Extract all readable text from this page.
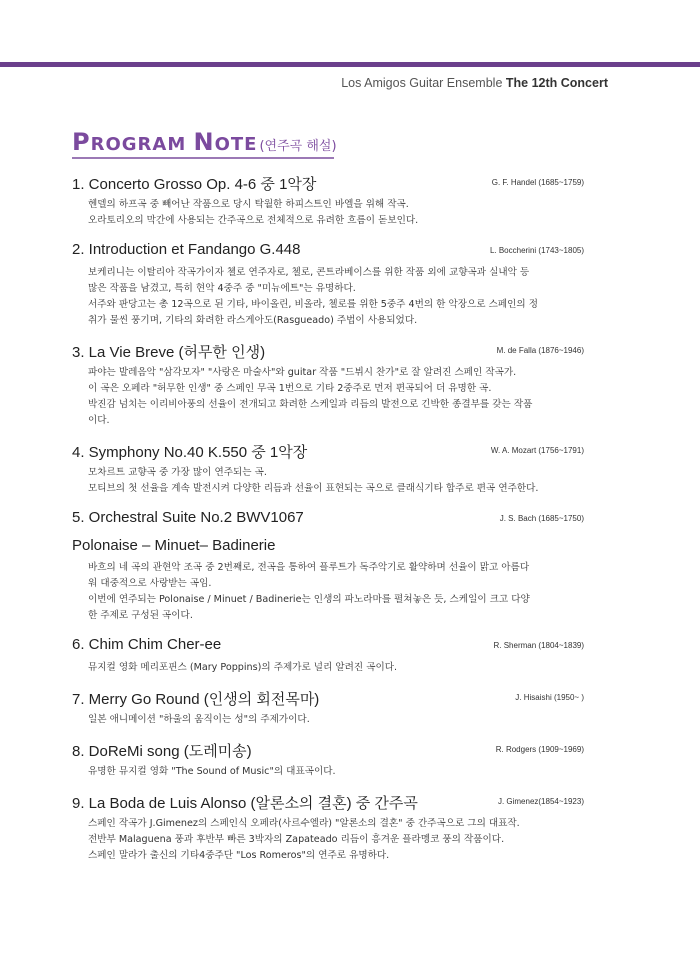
Los Amigos Guitar Ensemble The 12th Concert
PROGRAM NOTE (연주곡 해설)
1. Concerto Grosso Op. 4-6 중 1악장	G. F. Handel (1685~1759)

헨델의 하프곡 중 빼어난 작품으로 당시 탁월한 하피스트인 바엘을 위해 작곡.

오라토리오의 막간에 사용되는 간주곡으로 전체적으로 유려한 흐름이 돋보인다.

2. Introduction et Fandango G.448	L. Boccherini (1743~1805)

보케리니는 이탈리아 작곡가이자 첼로 연주자로, 첼로, 콘트라베이스를 위한 작품 외에 교향곡과 실내악 등

많은 작품을 남겼고, 특히 현악 4중주 중 "미뉴에트"는 유명하다.

서주와 판당고는 총 12곡으로 된 기타, 바이올린, 비올라, 첼로를 위한 5중주 4번의 한 악장으로 스페인의 정

취가 물씬 풍기며, 기타의 화려한 라스게아도(Rasgueado) 주법이 사용되었다.

3. La Vie Breve (허무한 인생)	M. de Falla (1876~1946)

파야는 발레음악 "삼각모자" "사랑은 마술사"와 guitar 작품 "드뷔시 찬가"로 잘 알려진 스페인 작곡가.

이 곡은 오페라 "허무한 인생" 중 스페인 무곡 1번으로 기타 2중주로 먼저 편곡되어 더 유명한 곡.

박진감 넘치는 이리비아풍의 선율이 전개되고 화려한 스케일과 리듬의 발전으로 긴박한 종결부를 갖는 작품

이다.

4. Symphony No.40 K.550 중 1악장	W. A. Mozart (1756~1791)

모차르트 교향곡 중 가장 많이 연주되는 곡.

모티브의 첫 선율을 계속 발전시켜 다양한 리듬과 선율이 표현되는 곡으로 클래식기타 합주로 편곡 연주한다.

5. Orchestral Suite No.2 BWV1067	J. S. Bach (1685~1750)
Polonaise – Minuet– Badinerie

바흐의 네 곡의 관현악 조곡 중 2번째로, 전곡을 통하여 플루트가 독주악기로 활약하며 선율이 맑고 아름다

워 대중적으로 사랑받는 곡임.

이번에 연주되는 Polonaise / Minuet / Badinerie는 인생의 파노라마를 펼쳐놓은 듯, 스케일이 크고 다양

한 주제로 구성된 곡이다.

6. Chim Chim Cher-ee	R. Sherman (1804~1839)

뮤지컬 영화 메리포핀스 (Mary Poppins)의 주제가로 널리 알려진 곡이다.

7. Merry Go Round (인생의 회전목마)	J. Hisaishi (1950~ )

일본 애니메이션 "하울의 움직이는 성"의 주제가이다.

8. DoReMi song (도레미송)	R. Rodgers (1909~1969)

유명한 뮤지컬 영화 "The Sound of Music"의 대표곡이다.

9. La Boda de Luis Alonso (알론소의 결혼) 중 간주곡	J. Gimenez(1854~1923)

스페인 작곡가 J.Gimenez의 스페인식 오페라(사르수엘라) "알론소의 결혼" 중 간주곡으로 그의 대표작.

전반부 Malaguena 풍과 후반부 빠른 3박자의 Zapateado 리듬이 흥겨운 플라멩코 풍의 작품이다.

스페인 말라가 출신의 기타4중주단 "Los Romeros"의 연주로 유명하다.
